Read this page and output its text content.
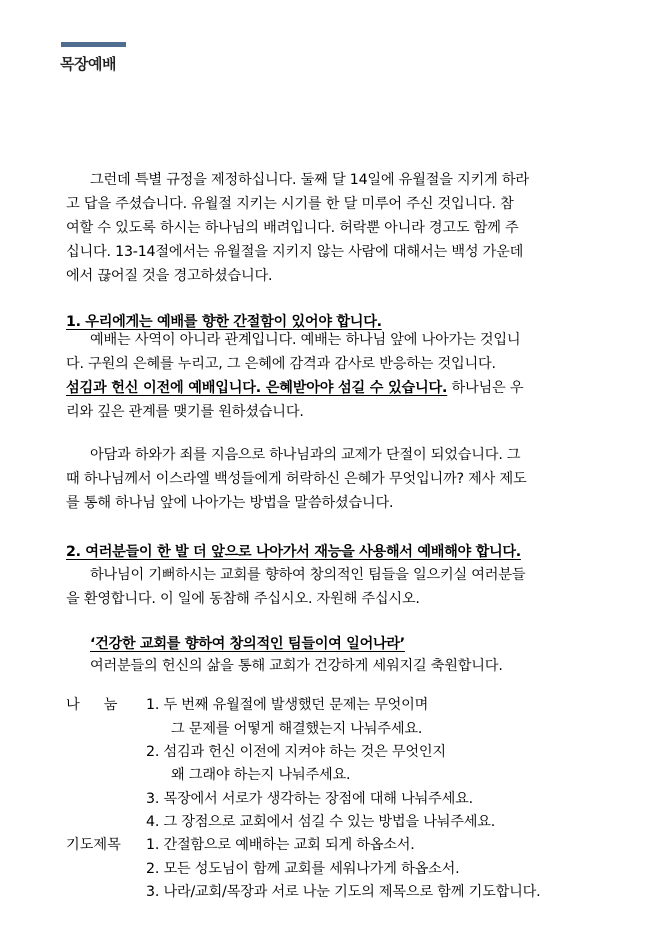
목장예배
그런데 특별 규정을 제정하십니다. 둘째 달 14일에 유월절을 지키게 하라
고 답을 주셨습니다. 유월절 지키는 시기를 한 달 미루어 주신 것입니다. 참
여할 수 있도록 하시는 하나님의 배려입니다. 허락뿐 아니라 경고도 함께 주
십니다. 13-14절에서는 유월절을 지키지 않는 사람에 대해서는 백성 가운데
에서 끊어질 것을 경고하셨습니다.
1. 우리에게는 예배를 향한 간절함이 있어야 합니다.
예배는 사역이 아니라 관계입니다. 예배는 하나님 앞에 나아가는 것입니
다. 구원의 은혜를 누리고, 그 은혜에 감격과 감사로 반응하는 것입니다.
섬김과 헌신 이전에 예배입니다. 은혜받아야 섬길 수 있습니다. 하나님은 우
리와 깊은 관계를 맺기를 원하셨습니다.
아담과 하와가 죄를 지음으로 하나님과의 교제가 단절이 되었습니다. 그
때 하나님께서 이스라엘 백성들에게 허락하신 은혜가 무엇입니까? 제사 제도
를 통해 하나님 앞에 나아가는 방법을 말씀하셨습니다.
2. 여러분들이 한 발 더 앞으로 나아가서 재능을 사용해서 예배해야 합니다.
하나님이 기뻐하시는 교회를 향하여 창의적인 팀들을 일으키실 여러분들
을 환영합니다. 이 일에 동참해 주십시오. 자원해 주십시오.
‘건강한 교회를 향하여 창의적인 팀들이여 일어나라’
여러분들의 헌신의 삶을 통해 교회가 건강하게 세워지길 축원합니다.
나 눔 1. 두 번째 유월절에 발생했던 문제는 무엇이며
그 문제를 어떻게 해결했는지 나눠주세요.
2. 섬김과 헌신 이전에 지켜야 하는 것은 무엇인지
왜 그래야 하는지 나눠주세요.
3. 목장에서 서로가 생각하는 장점에 대해 나눠주세요.
4. 그 장점으로 교회에서 섬길 수 있는 방법을 나눠주세요.
기도제목 1. 간절함으로 예배하는 교회 되게 하옵소서.
2. 모든 성도님이 함께 교회를 세워나가게 하옵소서.
3. 나라/교회/목장과 서로 나눈 기도의 제목으로 함께 기도합니다.
